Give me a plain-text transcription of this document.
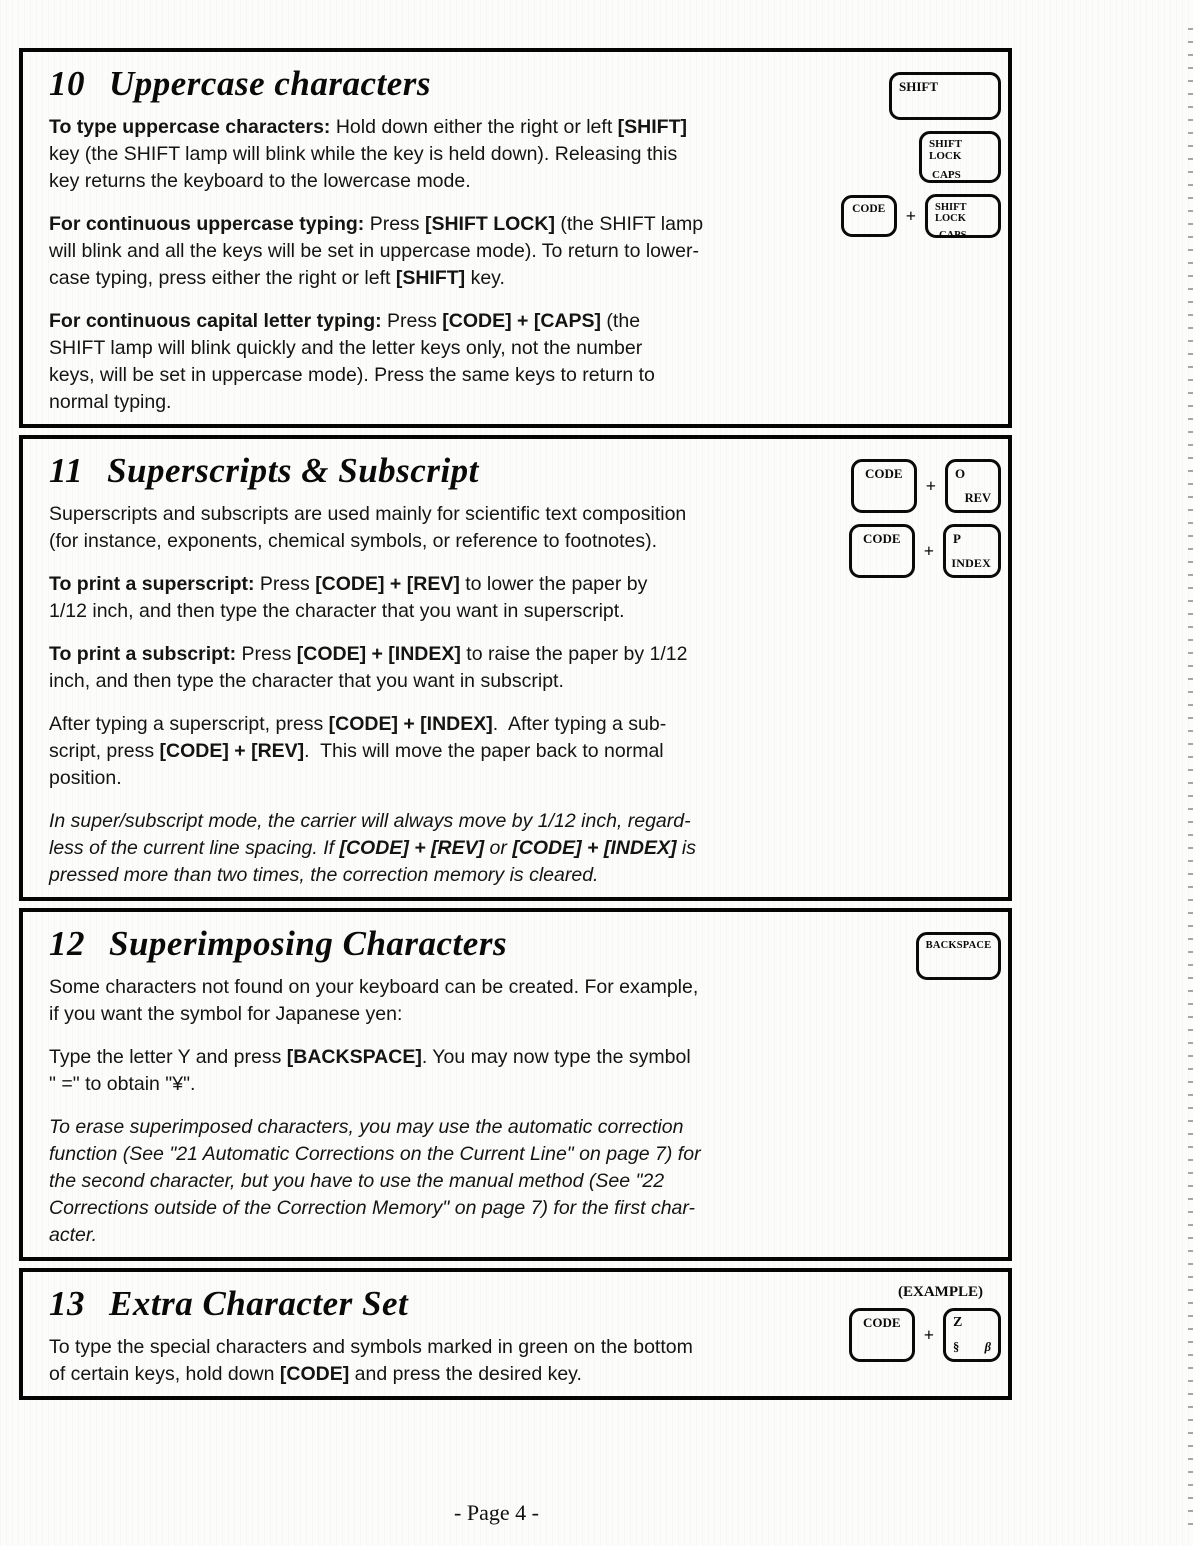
10 Uppercase characters

To type uppercase characters: Hold down either the right or left [SHIFT]
key (the SHIFT lamp will blink while the key is held down). Releasing this
key returns the keyboard to the lowercase mode.

For continuous uppercase typing: Press [SHIFT LOCK] (the SHIFT lamp
will blink and all the keys will be set in uppercase mode). To return to lower-
case typing, press either the right or left [SHIFT] key.

For continuous capital letter typing: Press [CODE] + [CAPS] (the
SHIFT lamp will blink quickly and the letter keys only, not the number
keys, will be set in uppercase mode). Press the same keys to return to
normal typing.

SHIFT
SHIFT LOCK
CAPS
CODE + SHIFT LOCK
CAPS
11 Superscripts & Subscript

Superscripts and subscripts are used mainly for scientific text composition
(for instance, exponents, chemical symbols, or reference to footnotes).

To print a superscript: Press [CODE] + [REV] to lower the paper by
1/12 inch, and then type the character that you want in superscript.

To print a subscript: Press [CODE] + [INDEX] to raise the paper by 1/12
inch, and then type the character that you want in subscript.

After typing a superscript, press [CODE] + [INDEX].  After typing a sub-
script, press [CODE] + [REV].  This will move the paper back to normal
position.

In super/subscript mode, the carrier will always move by 1/12 inch, regard-
less of the current line spacing. If [CODE] + [REV] or [CODE] + [INDEX] is
pressed more than two times, the correction memory is cleared.

CODE
+
O
REV
CODE
+
P
INDEX
12 Superimposing Characters

Some characters not found on your keyboard can be created. For example,
if you want the symbol for Japanese yen:

Type the letter Y and press [BACKSPACE]. You may now type the symbol
" =" to obtain "¥".

To erase superimposed characters, you may use the automatic correction
function (See "21 Automatic Corrections on the Current Line" on page 7) for
the second character, but you have to use the manual method (See "22
Corrections outside of the Correction Memory" on page 7) for the first char-
acter.

BACKSPACE
13 Extra Character Set

To type the special characters and symbols marked in green on the bottom
of certain keys, hold down [CODE] and press the desired key.

(EXAMPLE)
CODE
+
Z
§ β
- Page 4 -
